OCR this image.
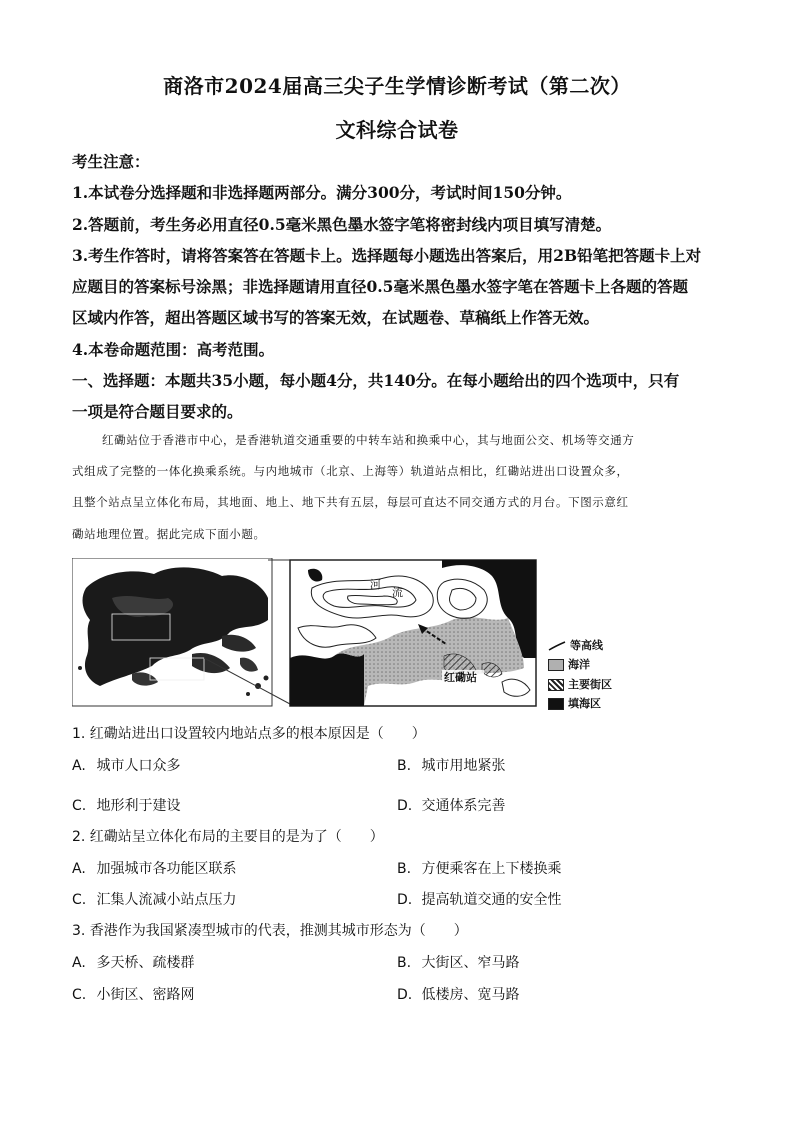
商洛市2024届高三尖子生学情诊断考试（第二次）
文科综合试卷
考生注意：
1.本试卷分选择题和非选择题两部分。满分300分，考试时间150分钟。
2.答题前，考生务必用直径0.5毫米黑色墨水签字笔将密封线内项目填写清楚。
3.考生作答时，请将答案答在答题卡上。选择题每小题选出答案后，用2B铅笔把答题卡上对
应题目的答案标号涂黑；非选择题请用直径0.5毫米黑色墨水签字笔在答题卡上各题的答题
区域内作答，超出答题区域书写的答案无效，在试题卷、草稿纸上作答无效。
4.本卷命题范围：高考范围。
一、选择题：本题共35小题，每小题4分，共140分。在每小题给出的四个选项中，只有
一项是符合题目要求的。
红磡站位于香港市中心，是香港轨道交通重要的中转车站和换乘中心，其与地面公交、机场等交通方
式组成了完整的一体化换乘系统。与内地城市（北京、上海等）轨道站点相比，红磡站进出口设置众多，
且整个站点呈立体化布局，其地面、地上、地下共有五层，每层可直达不同交通方式的月台。下图示意红
磡站地理位置。据此完成下面小题。
河
流
红磡站
等高线
海洋
主要街区
填海区
1. 红磡站进出口设置较内地站点多的根本原因是（　　）
A. 城市人口众多	B. 城市用地紧张
C. 地形利于建设	D. 交通体系完善
2. 红磡站呈立体化布局的主要目的是为了（　　）
A. 加强城市各功能区联系	B. 方便乘客在上下楼换乘
C. 汇集人流减小站点压力	D. 提高轨道交通的安全性
3. 香港作为我国紧凑型城市的代表，推测其城市形态为（　　）
A. 多天桥、疏楼群	B. 大街区、窄马路
C. 小街区、密路网	D. 低楼房、宽马路
